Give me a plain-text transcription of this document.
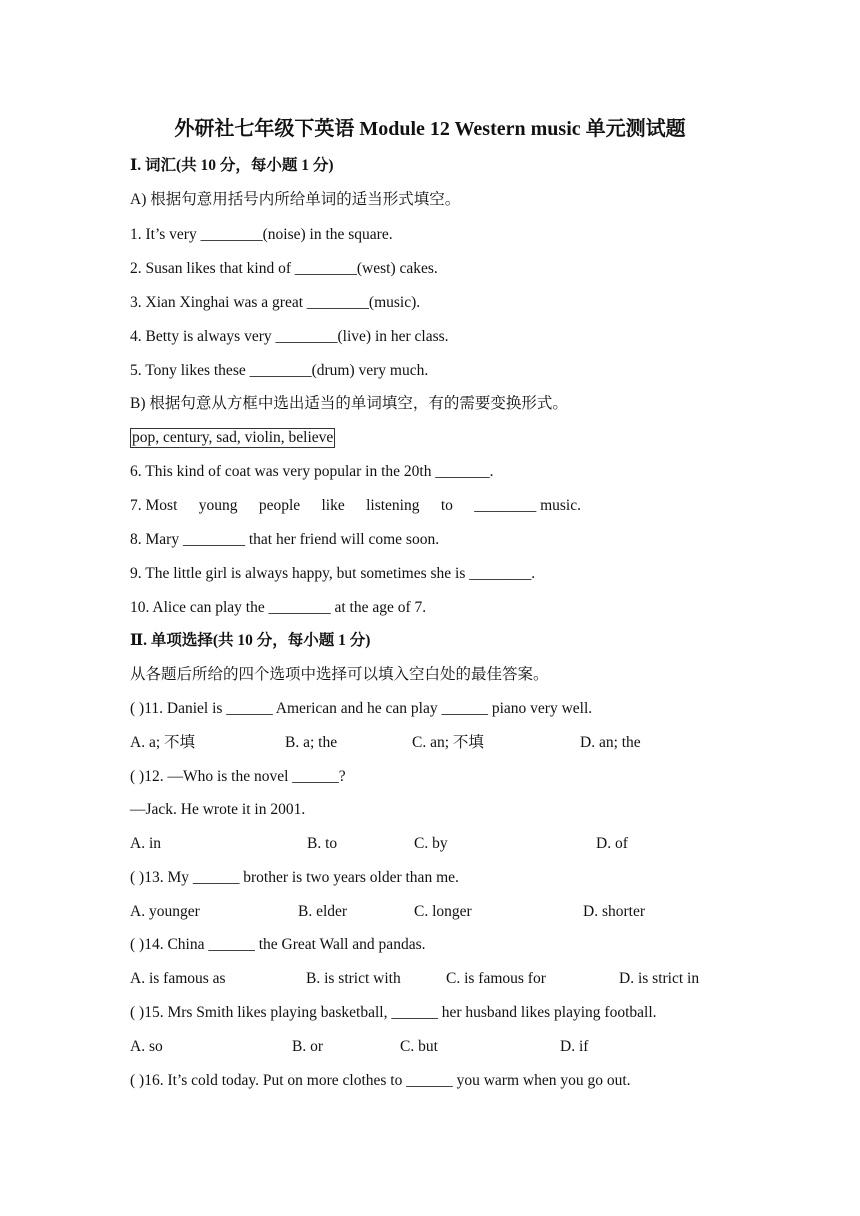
外研社七年级下英语 Module 12 Western music 单元测试题
Ⅰ. 词汇(共 10 分，每小题 1 分)
A) 根据句意用括号内所给单词的适当形式填空。
1. It’s very ________(noise) in the square.
2. Susan likes that kind of ________(west) cakes.
3. Xian Xinghai was a great ________(music).
4. Betty is always very ________(live) in her class.
5. Tony likes these ________(drum) very much.
B) 根据句意从方框中选出适当的单词填空，有的需要变换形式。
pop, century, sad, violin, believe
6. This kind of coat was very popular in the 20th _______.
7. Most young people like listening to ________ music.
8. Mary ________ that her friend will come soon.
9. The little girl is always happy, but sometimes she is ________.
10. Alice can play the ________ at the age of 7.
Ⅱ. 单项选择(共 10 分，每小题 1 分)
从各题后所给的四个选项中选择可以填入空白处的最佳答案。
( )11. Daniel is ______ American and he can play ______ piano very well.
A. a; 不填	B. a; the	C. an; 不填	D. an; the
( )12. —Who is the novel ______?
—Jack. He wrote it in 2001.
A. in	B. to	C. by	D. of
( )13. My ______ brother is two years older than me.
A. younger	B. elder	C. longer	D. shorter
( )14. China ______ the Great Wall and pandas.
A. is famous as	B. is strict with	C. is famous for	D. is strict in
( )15. Mrs Smith likes playing basketball, ______ her husband likes playing football.
A. so	B. or	C. but	D. if
( )16. It’s cold today. Put on more clothes to ______ you warm when you go out.
